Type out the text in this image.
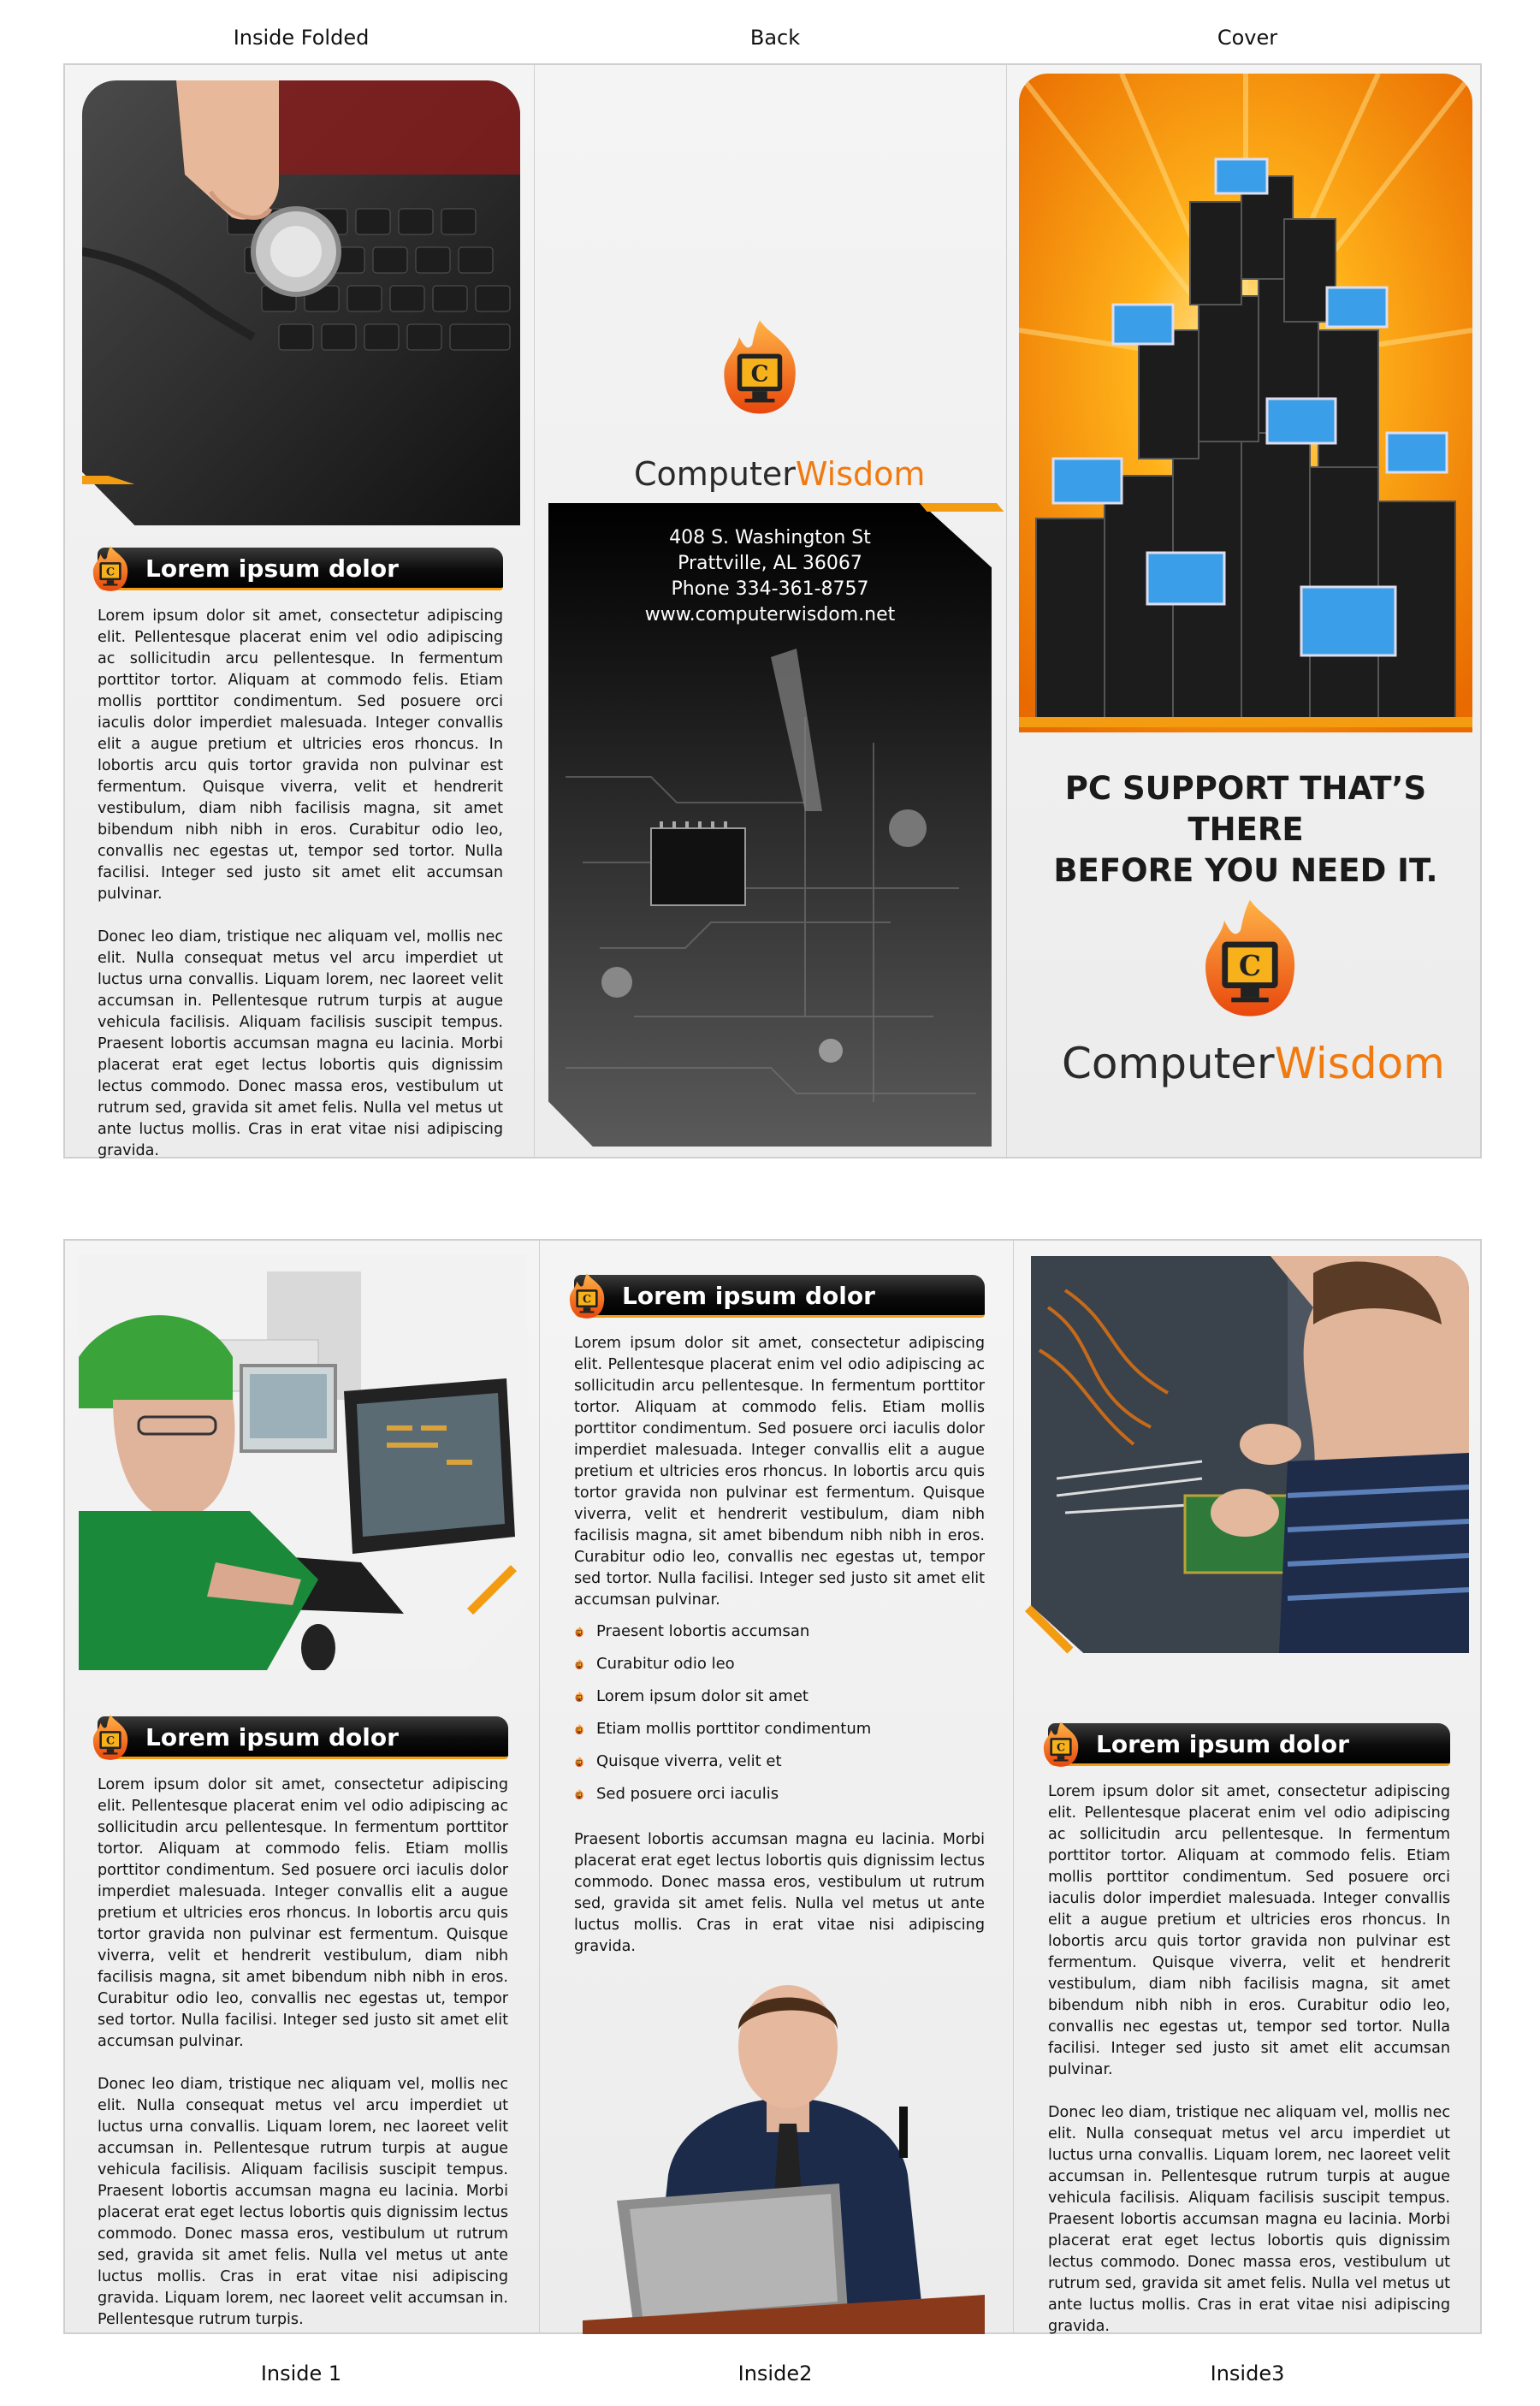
Inside Folded	Back	Cover
Lorem ipsum dolor

Lorem ipsum dolor sit amet, consectetur adipiscing elit. Pellentesque placerat enim vel odio adipiscing ac sollicitudin arcu pellentesque. In fermentum porttitor tortor. Aliquam at commodo felis. Etiam mollis porttitor condimentum. Sed posuere orci iaculis dolor imperdiet malesuada. Integer convallis elit a augue pretium et ultricies eros rhoncus. In lobortis arcu quis tortor gravida non pulvinar est fermentum. Quisque viverra, velit et hendrerit vestibulum, diam nibh facilisis magna, sit amet bibendum nibh nibh in eros. Curabitur odio leo, convallis nec egestas ut, tempor sed tortor. Nulla facilisi. Integer sed justo sit amet elit accumsan pulvinar.

Donec leo diam, tristique nec aliquam vel, mollis nec elit. Nulla consequat metus vel arcu imperdiet ut luctus urna convallis. Liquam lorem, nec laoreet velit accumsan in. Pellentesque rutrum turpis at augue vehicula facilisis. Aliquam facilisis suscipit tempus. Praesent lobortis accumsan magna eu lacinia. Morbi placerat erat eget lectus lobortis quis dignissim lectus commodo. Donec massa eros, vestibulum ut rutrum sed, gravida sit amet felis. Nulla vel metus ut ante luctus mollis. Cras in erat vitae nisi adipiscing gravida.

ComputerWisdom
408 S. Washington St
Prattville, AL 36067
Phone 334-361-8757
www.computerwisdom.net
PC SUPPORT THAT’S THERE
BEFORE YOU NEED IT.
ComputerWisdom
Lorem ipsum dolor

Lorem ipsum dolor sit amet, consectetur adipiscing elit. Pellentesque placerat enim vel odio adipiscing ac sollicitudin arcu pellentesque. In fermentum porttitor tortor. Aliquam at commodo felis. Etiam mollis porttitor condimentum. Sed posuere orci iaculis dolor imperdiet malesuada. Integer convallis elit a augue pretium et ultricies eros rhoncus. In lobortis arcu quis tortor gravida non pulvinar est fermentum. Quisque viverra, velit et hendrerit vestibulum, diam nibh facilisis magna, sit amet bibendum nibh nibh in eros. Curabitur odio leo, convallis nec egestas ut, tempor sed tortor. Nulla facilisi. Integer sed justo sit amet elit accumsan pulvinar.

Donec leo diam, tristique nec aliquam vel, mollis nec elit. Nulla consequat metus vel arcu imperdiet ut luctus urna convallis. Liquam lorem, nec laoreet velit accumsan in. Pellentesque rutrum turpis at augue vehicula facilisis. Aliquam facilisis suscipit tempus. Praesent lobortis accumsan magna eu lacinia. Morbi placerat erat eget lectus lobortis quis dignissim lectus commodo. Donec massa eros, vestibulum ut rutrum sed, gravida sit amet felis. Nulla vel metus ut ante luctus mollis. Cras in erat vitae nisi adipiscing gravida. Liquam lorem, nec laoreet velit accumsan in. Pellentesque rutrum turpis.

Lorem ipsum dolor

Lorem ipsum dolor sit amet, consectetur adipiscing elit. Pellentesque placerat enim vel odio adipiscing ac sollicitudin arcu pellentesque. In fermentum porttitor tortor. Aliquam at commodo felis. Etiam mollis porttitor condimentum. Sed posuere orci iaculis dolor imperdiet malesuada. Integer convallis elit a augue pretium et ultricies eros rhoncus. In lobortis arcu quis tortor gravida non pulvinar est fermentum. Quisque viverra, velit et hendrerit vestibulum, diam nibh facilisis magna, sit amet bibendum nibh nibh in eros. Curabitur odio leo, convallis nec egestas ut, tempor sed tortor. Nulla facilisi. Integer sed justo sit amet elit accumsan pulvinar.

Praesent lobortis accumsan
Curabitur odio leo
Lorem ipsum dolor sit amet
Etiam mollis porttitor condimentum
Quisque viverra, velit et
Sed posuere orci iaculis

Praesent lobortis accumsan magna eu lacinia. Morbi placerat erat eget lectus lobortis quis dignissim lectus commodo. Donec massa eros, vestibulum ut rutrum sed, gravida sit amet felis. Nulla vel metus ut ante luctus mollis. Cras in erat vitae nisi adipiscing gravida.

Lorem ipsum dolor

Lorem ipsum dolor sit amet, consectetur adipiscing elit. Pellentesque placerat enim vel odio adipiscing ac sollicitudin arcu pellentesque. In fermentum porttitor tortor. Aliquam at commodo felis. Etiam mollis porttitor condimentum. Sed posuere orci iaculis dolor imperdiet malesuada. Integer convallis elit a augue pretium et ultricies eros rhoncus. In lobortis arcu quis tortor gravida non pulvinar est fermentum. Quisque viverra, velit et hendrerit vestibulum, diam nibh facilisis magna, sit amet bibendum nibh nibh in eros. Curabitur odio leo, convallis nec egestas ut, tempor sed tortor. Nulla facilisi. Integer sed justo sit amet elit accumsan pulvinar.

Donec leo diam, tristique nec aliquam vel, mollis nec elit. Nulla consequat metus vel arcu imperdiet ut luctus urna convallis. Liquam lorem, nec laoreet velit accumsan in. Pellentesque rutrum turpis at augue vehicula facilisis. Aliquam facilisis suscipit tempus. Praesent lobortis accumsan magna eu lacinia. Morbi placerat erat eget lectus lobortis quis dignissim lectus commodo. Donec massa eros, vestibulum ut rutrum sed, gravida sit amet felis. Nulla vel metus ut ante luctus mollis. Cras in erat vitae nisi adipiscing gravida.

Inside 1	Inside2	Inside3
